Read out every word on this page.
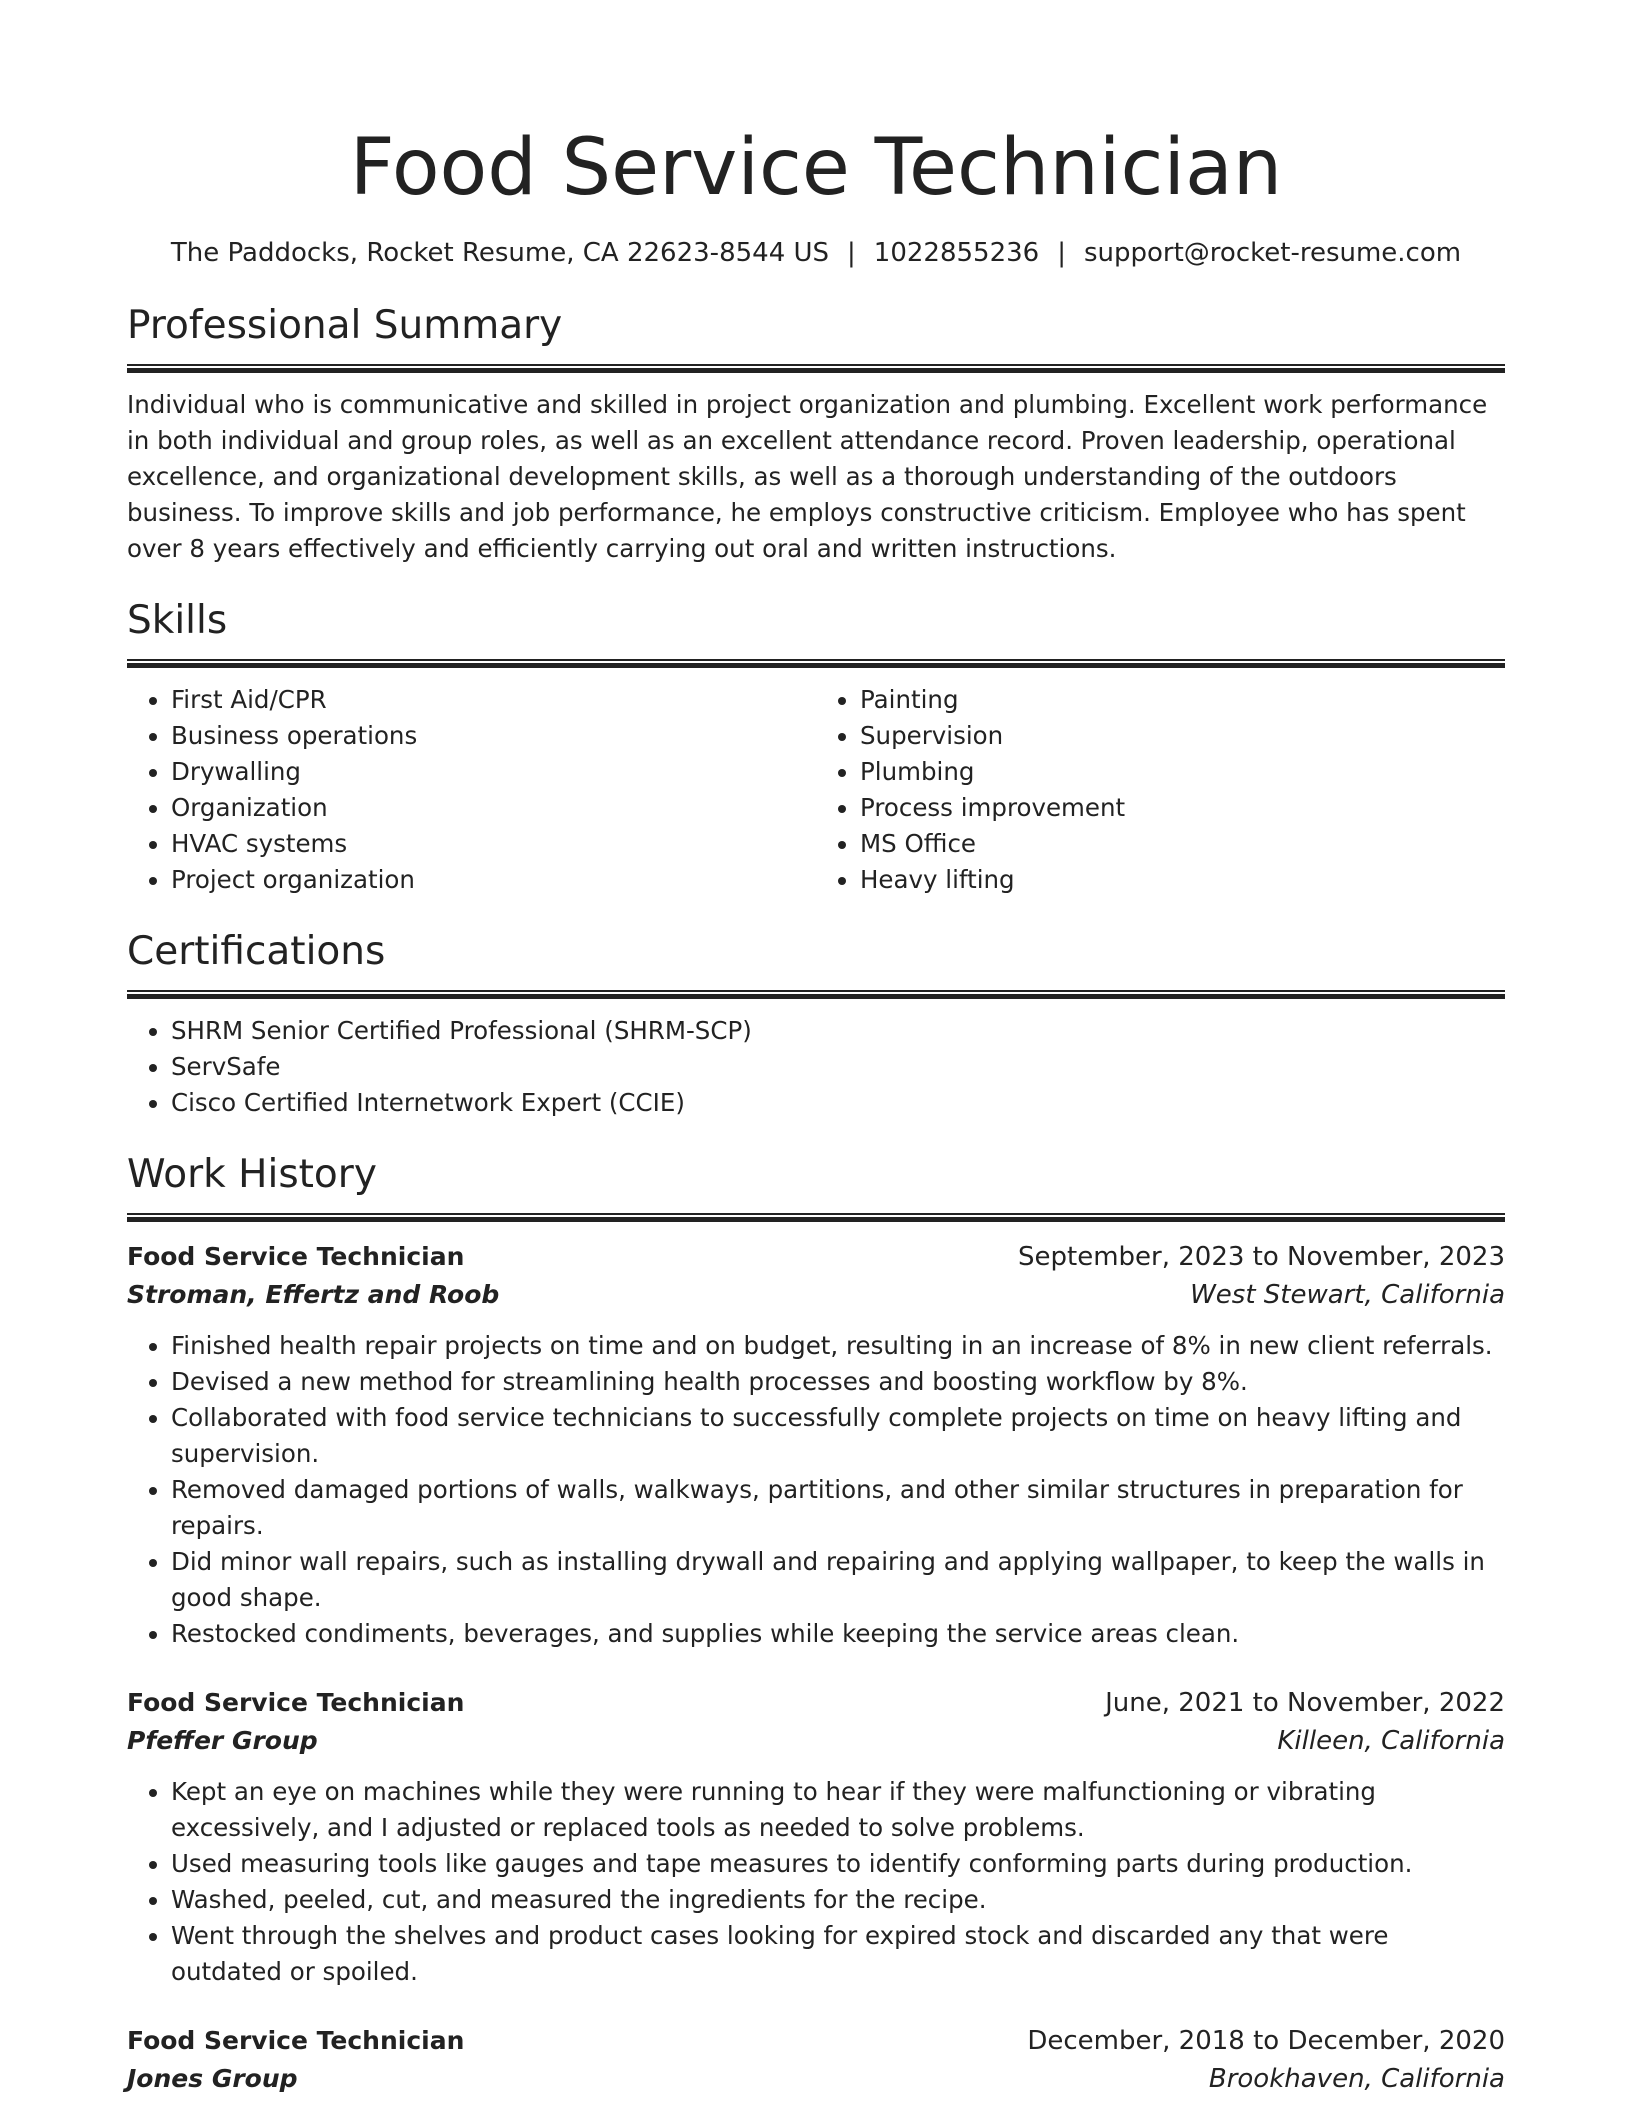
Food Service Technician
The Paddocks, Rocket Resume, CA 22623-8544 US | 1022855236 | support@rocket-resume.com
Professional Summary

Individual who is communicative and skilled in project organization and plumbing. Excellent work performance in both individual and group roles, as well as an excellent attendance record. Proven leadership, operational excellence, and organizational development skills, as well as a thorough understanding of the outdoors business. To improve skills and job performance, he employs constructive criticism. Employee who has spent over 8 years effectively and efficiently carrying out oral and written instructions.

Skills
• First Aid/CPR
• Business operations
• Drywalling
• Organization
• HVAC systems
• Project organization
• Painting
• Supervision
• Plumbing
• Process improvement
• MS Office
• Heavy lifting
Certifications
• SHRM Senior Certified Professional (SHRM-SCP)
• ServSafe
• Cisco Certified Internetwork Expert (CCIE)
Work History
Food Service Technician	September, 2023 to November, 2023
Stroman, Effertz and Roob	West Stewart, California
• Finished health repair projects on time and on budget, resulting in an increase of 8% in new client referrals.
• Devised a new method for streamlining health processes and boosting workflow by 8%.
• Collaborated with food service technicians to successfully complete projects on time on heavy lifting and supervision.
• Removed damaged portions of walls, walkways, partitions, and other similar structures in preparation for repairs.
• Did minor wall repairs, such as installing drywall and repairing and applying wallpaper, to keep the walls in good shape.
• Restocked condiments, beverages, and supplies while keeping the service areas clean.
Food Service Technician	June, 2021 to November, 2022
Pfeffer Group	Killeen, California
• Kept an eye on machines while they were running to hear if they were malfunctioning or vibrating excessively, and I adjusted or replaced tools as needed to solve problems.
• Used measuring tools like gauges and tape measures to identify conforming parts during production.
• Washed, peeled, cut, and measured the ingredients for the recipe.
• Went through the shelves and product cases looking for expired stock and discarded any that were outdated or spoiled.
Food Service Technician	December, 2018 to December, 2020
Jones Group	Brookhaven, California
